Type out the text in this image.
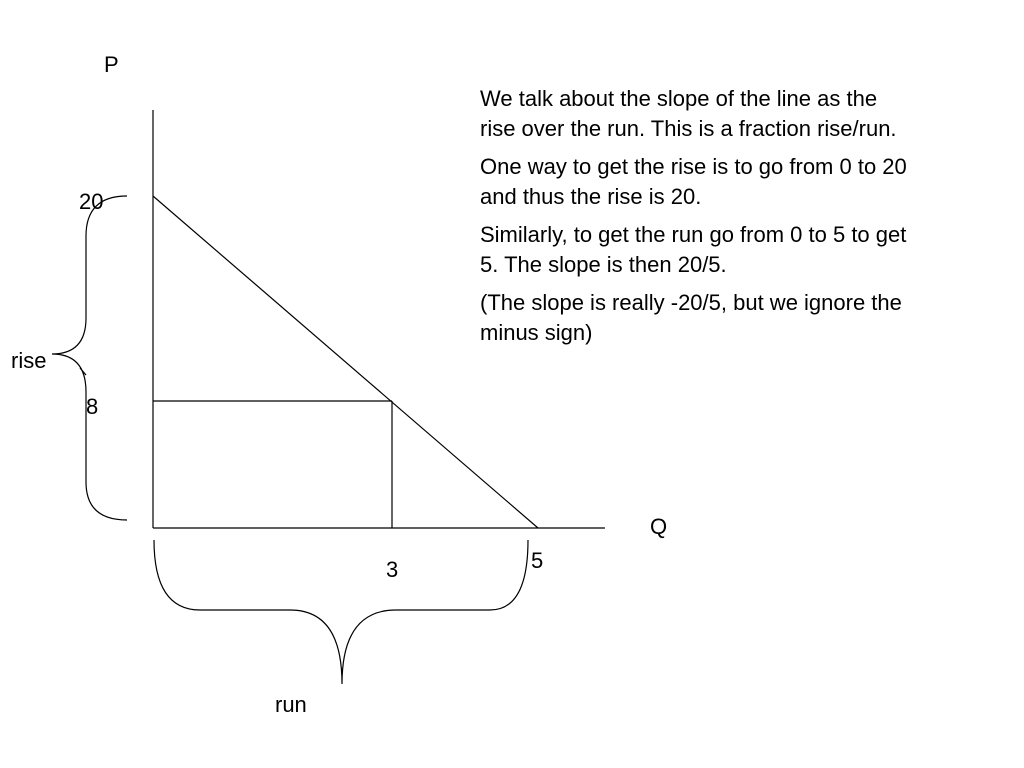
P
Q
20
8
3	5
rise
run

We talk about the slope of the line as the rise over the run. This is a fraction rise/run.

One way to get the rise is to go from 0 to 20 and thus the rise is 20.

Similarly, to get the run go from 0 to 5 to get 5. The slope is then 20/5.

(The slope is really -20/5, but we ignore the minus sign)
